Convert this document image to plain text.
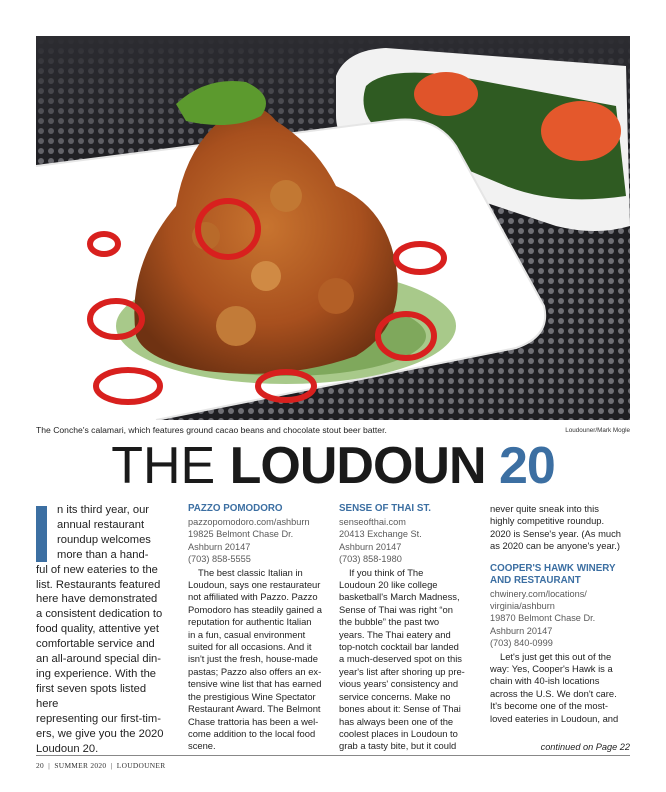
The Conche's calamari, which features ground cacao beans and chocolate stout beer batter.	Loudouner/Mark Mogle
THE LOUDOUN 20
n its third year, our
annual restaurant
roundup welcomes
more than a hand-
ful of new eateries to the
list. Restaurants featured
here have demonstrated
a consistent dedication to
food quality, attentive yet
comfortable service and
an all-around special din-
ing experience. With the
first seven spots listed here
representing our first-tim-
ers, we give you the 2020
Loudoun 20.
PAZZO POMODORO
pazzopomodoro.com/ashburn
19825 Belmont Chase Dr.
Ashburn 20147
(703) 858-5555
The best classic Italian in
Loudoun, says one restaurateur
not affiliated with Pazzo. Pazzo
Pomodoro has steadily gained a
reputation for authentic Italian
in a fun, casual environment
suited for all occasions. And it
isn't just the fresh, house-made
pastas; Pazzo also offers an ex-
tensive wine list that has earned
the prestigious Wine Spectator
Restaurant Award. The Belmont
Chase trattoria has been a wel-
come addition to the local food
scene.
SENSE OF THAI ST.
senseofthai.com
20413 Exchange St.
Ashburn 20147
(703) 858-1980
If you think of The
Loudoun 20 like college
basketball's March Madness,
Sense of Thai was right “on
the bubble” the past two
years. The Thai eatery and
top-notch cocktail bar landed
a much-deserved spot on this
year's list after shoring up pre-
vious years' consistency and
service concerns. Make no
bones about it: Sense of Thai
has always been one of the
coolest places in Loudoun to
grab a tasty bite, but it could
never quite sneak into this
highly competitive roundup.
2020 is Sense's year. (As much
as 2020 can be anyone's year.)
COOPER'S HAWK WINERY
AND RESTAURANT
chwinery.com/locations/
virginia/ashburn
19870 Belmont Chase Dr.
Ashburn 20147
(703) 840-0999
Let's just get this out of the
way: Yes, Cooper's Hawk is a
chain with 40-ish locations
across the U.S. We don't care.
It's become one of the most-
loved eateries in Loudoun, and
continued on Page 22
20  |  SUMMER 2020  |  LOUDOUNER
